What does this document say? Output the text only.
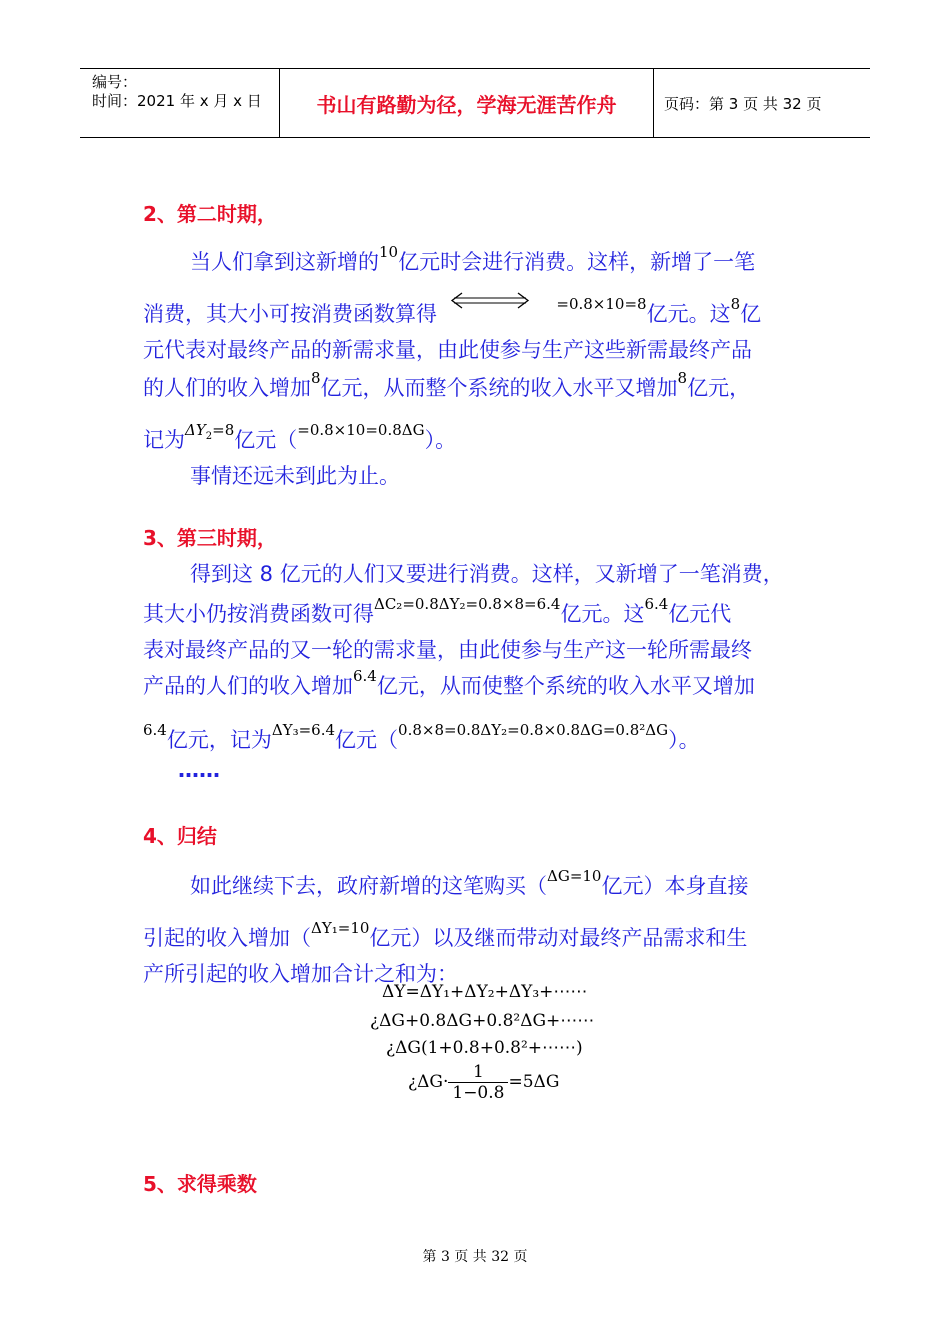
编号：
时间：2021 年 x 月 x 日	书山有路勤为径，学海无涯苦作舟	页码：第 3 页 共 32 页
2、第二时期，
当人们拿到这新增的$^{10}$亿元时会进行消费。这样，新增了一笔
消费，其大小可按消费函数算得	$^{=0.8\times 10=8}$亿元。这$^8$亿
元代表对最终产品的新需求量，由此使参与生产这些新需最终产品
的人们的收入增加$^8$亿元，从而整个系统的收入水平又增加$^8$亿元，
记为$^{\Delta Y_2=8}$亿元（$^{=0.8\times 10=0.8\Delta G}$）。
事情还远未到此为止。
3、第三时期，
得到这 8 亿元的人们又要进行消费。这样，又新增了一笔消费，
其大小仍按消费函数可得$^{\Delta C_2=0.8\Delta Y_2=0.8\times 8=6.4}$亿元。这$^{6.4}$亿元代
表对最终产品的又一轮的需求量，由此使参与生产这一轮所需最终
产品的人们的收入增加$^{6.4}$亿元，从而使整个系统的收入水平又增加
$^{6.4}$亿元，记为$^{\Delta Y_3=6.4}$亿元（$^{0.8\times 8=0.8\Delta Y_2=0.8\times 0.8\Delta G=0.8^2\Delta G}$）。
……
4、归结
如此继续下去，政府新增的这笔购买（$^{\Delta G=10}$亿元）本身直接
引起的收入增加（$^{\Delta Y_1=10}$亿元）以及继而带动对最终产品需求和生
产所引起的收入增加合计之和为：
ΔY=ΔY₁+ΔY₂+ΔY₃+⋯⋯
¿ΔG+0.8ΔG+0.8²ΔG+⋯⋯
¿ΔG(1+0.8+0.8²+⋯⋯)
¿$\Delta G\cdot \frac{1}{1-0.8} =5\Delta G$
5、求得乘数
第 3 页 共 32 页
